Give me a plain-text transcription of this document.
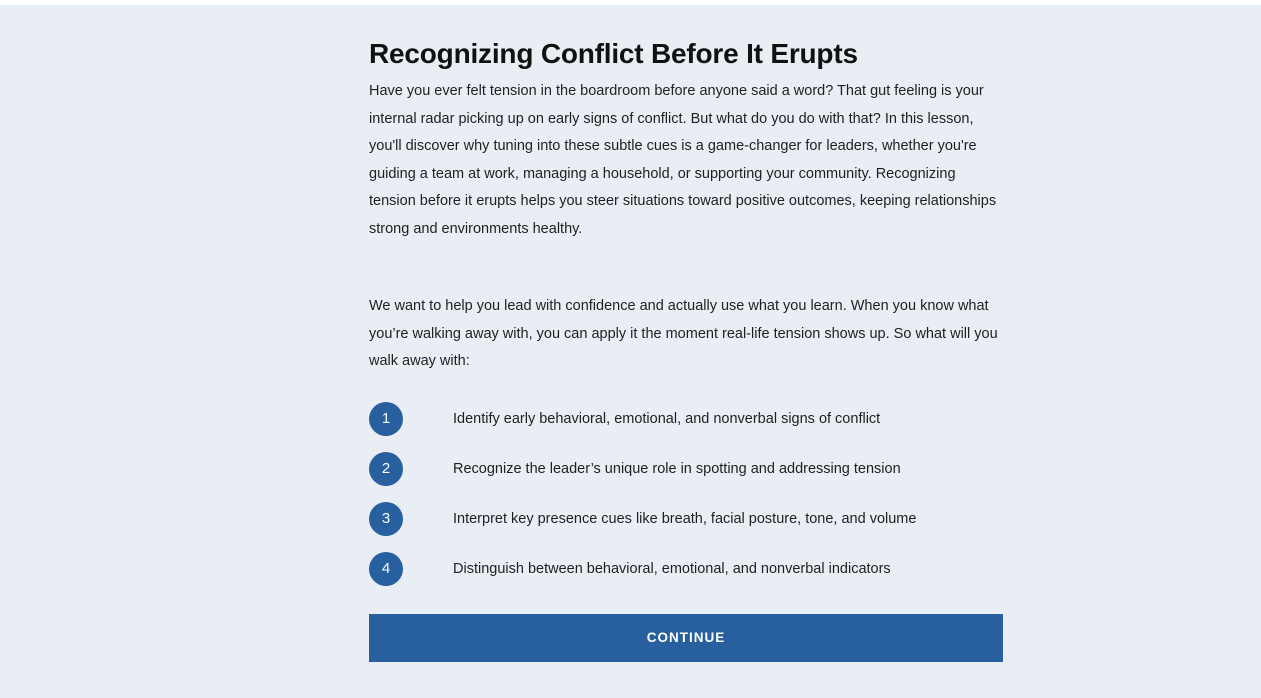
Recognizing Conflict Before It Erupts

Have you ever felt tension in the boardroom before anyone said a word? That gut feeling is your internal radar picking up on early signs of conflict. But what do you do with that? In this lesson, you'll discover why tuning into these subtle cues is a game-changer for leaders, whether you're guiding a team at work, managing a household, or supporting your community. Recognizing tension before it erupts helps you steer situations toward positive outcomes, keeping relationships strong and environments healthy.

We want to help you lead with confidence and actually use what you learn. When you know what you’re walking away with, you can apply it the moment real-life tension shows up. So what will you walk away with:

1	Identify early behavioral, emotional, and nonverbal signs of conflict
2	Recognize the leader’s unique role in spotting and addressing tension
3	Interpret key presence cues like breath, facial posture, tone, and volume
4	Distinguish between behavioral, emotional, and nonverbal indicators
CONTINUE
